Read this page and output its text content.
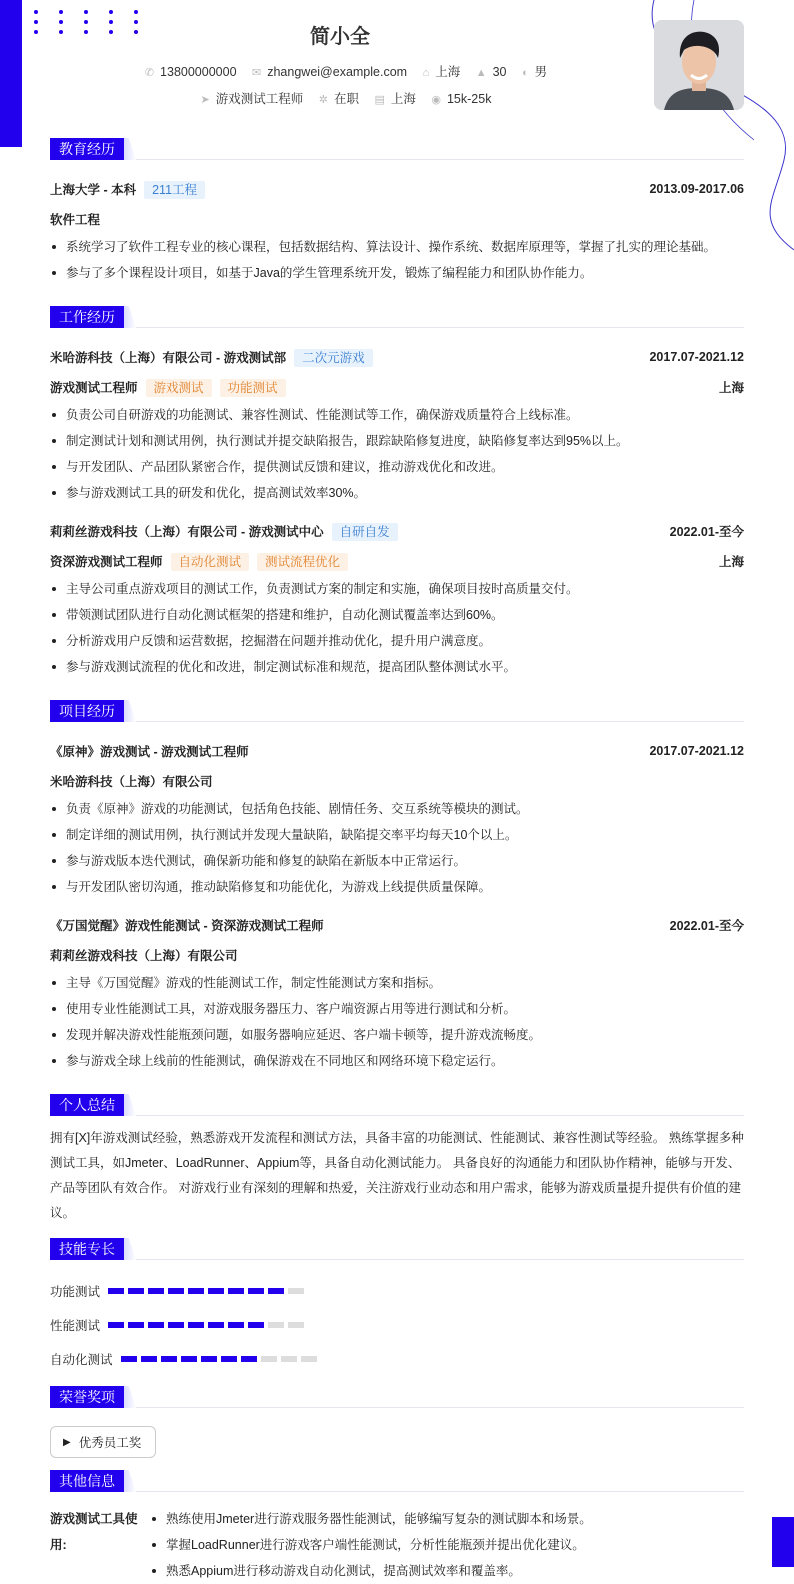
简小全
✆ 13800000000 ✉ zhangwei@example.com ⌂ 上海 ▲ 30 ◐ 男
➤ 游戏测试工程师 ✲ 在职 ▤ 上海 ◉ 15k-25k
教育经历
上海大学 - 本科 211工程	2013.09-2017.06
软件工程
系统学习了软件工程专业的核心课程，包括数据结构、算法设计、操作系统、数据库原理等，掌握了扎实的理论基础。
参与了多个课程设计项目，如基于Java的学生管理系统开发，锻炼了编程能力和团队协作能力。
工作经历
米哈游科技（上海）有限公司 - 游戏测试部 二次元游戏	2017.07-2021.12
游戏测试工程师 游戏测试 功能测试	上海
负责公司自研游戏的功能测试、兼容性测试、性能测试等工作，确保游戏质量符合上线标准。
制定测试计划和测试用例，执行测试并提交缺陷报告，跟踪缺陷修复进度，缺陷修复率达到95%以上。
与开发团队、产品团队紧密合作，提供测试反馈和建议，推动游戏优化和改进。
参与游戏测试工具的研发和优化，提高测试效率30%。
莉莉丝游戏科技（上海）有限公司 - 游戏测试中心 自研自发	2022.01-至今
资深游戏测试工程师 自动化测试 测试流程优化	上海
主导公司重点游戏项目的测试工作，负责测试方案的制定和实施，确保项目按时高质量交付。
带领测试团队进行自动化测试框架的搭建和维护，自动化测试覆盖率达到60%。
分析游戏用户反馈和运营数据，挖掘潜在问题并推动优化，提升用户满意度。
参与游戏测试流程的优化和改进，制定测试标准和规范，提高团队整体测试水平。
项目经历
《原神》游戏测试 - 游戏测试工程师	2017.07-2021.12
米哈游科技（上海）有限公司
负责《原神》游戏的功能测试，包括角色技能、剧情任务、交互系统等模块的测试。
制定详细的测试用例，执行测试并发现大量缺陷，缺陷提交率平均每天10个以上。
参与游戏版本迭代测试，确保新功能和修复的缺陷在新版本中正常运行。
与开发团队密切沟通，推动缺陷修复和功能优化，为游戏上线提供质量保障。
《万国觉醒》游戏性能测试 - 资深游戏测试工程师	2022.01-至今
莉莉丝游戏科技（上海）有限公司
主导《万国觉醒》游戏的性能测试工作，制定性能测试方案和指标。
使用专业性能测试工具，对游戏服务器压力、客户端资源占用等进行测试和分析。
发现并解决游戏性能瓶颈问题，如服务器响应延迟、客户端卡顿等，提升游戏流畅度。
参与游戏全球上线前的性能测试，确保游戏在不同地区和网络环境下稳定运行。
个人总结
拥有[X]年游戏测试经验，熟悉游戏开发流程和测试方法，具备丰富的功能测试、性能测试、兼容性测试等经验。 熟练掌握多种测试工具，如Jmeter、LoadRunner、Appium等，具备自动化测试能力。 具备良好的沟通能力和团队协作精神，能够与开发、产品等团队有效合作。 对游戏行业有深刻的理解和热爱，关注游戏行业动态和用户需求，能够为游戏质量提升提供有价值的建议。
技能专长
功能测试
性能测试
自动化测试
荣誉奖项
▶ 优秀员工奖
其他信息
游戏测试工具使用:
熟练使用Jmeter进行游戏服务器性能测试，能够编写复杂的测试脚本和场景。
掌握LoadRunner进行游戏客户端性能测试，分析性能瓶颈并提出优化建议。
熟悉Appium进行移动游戏自动化测试，提高测试效率和覆盖率。
